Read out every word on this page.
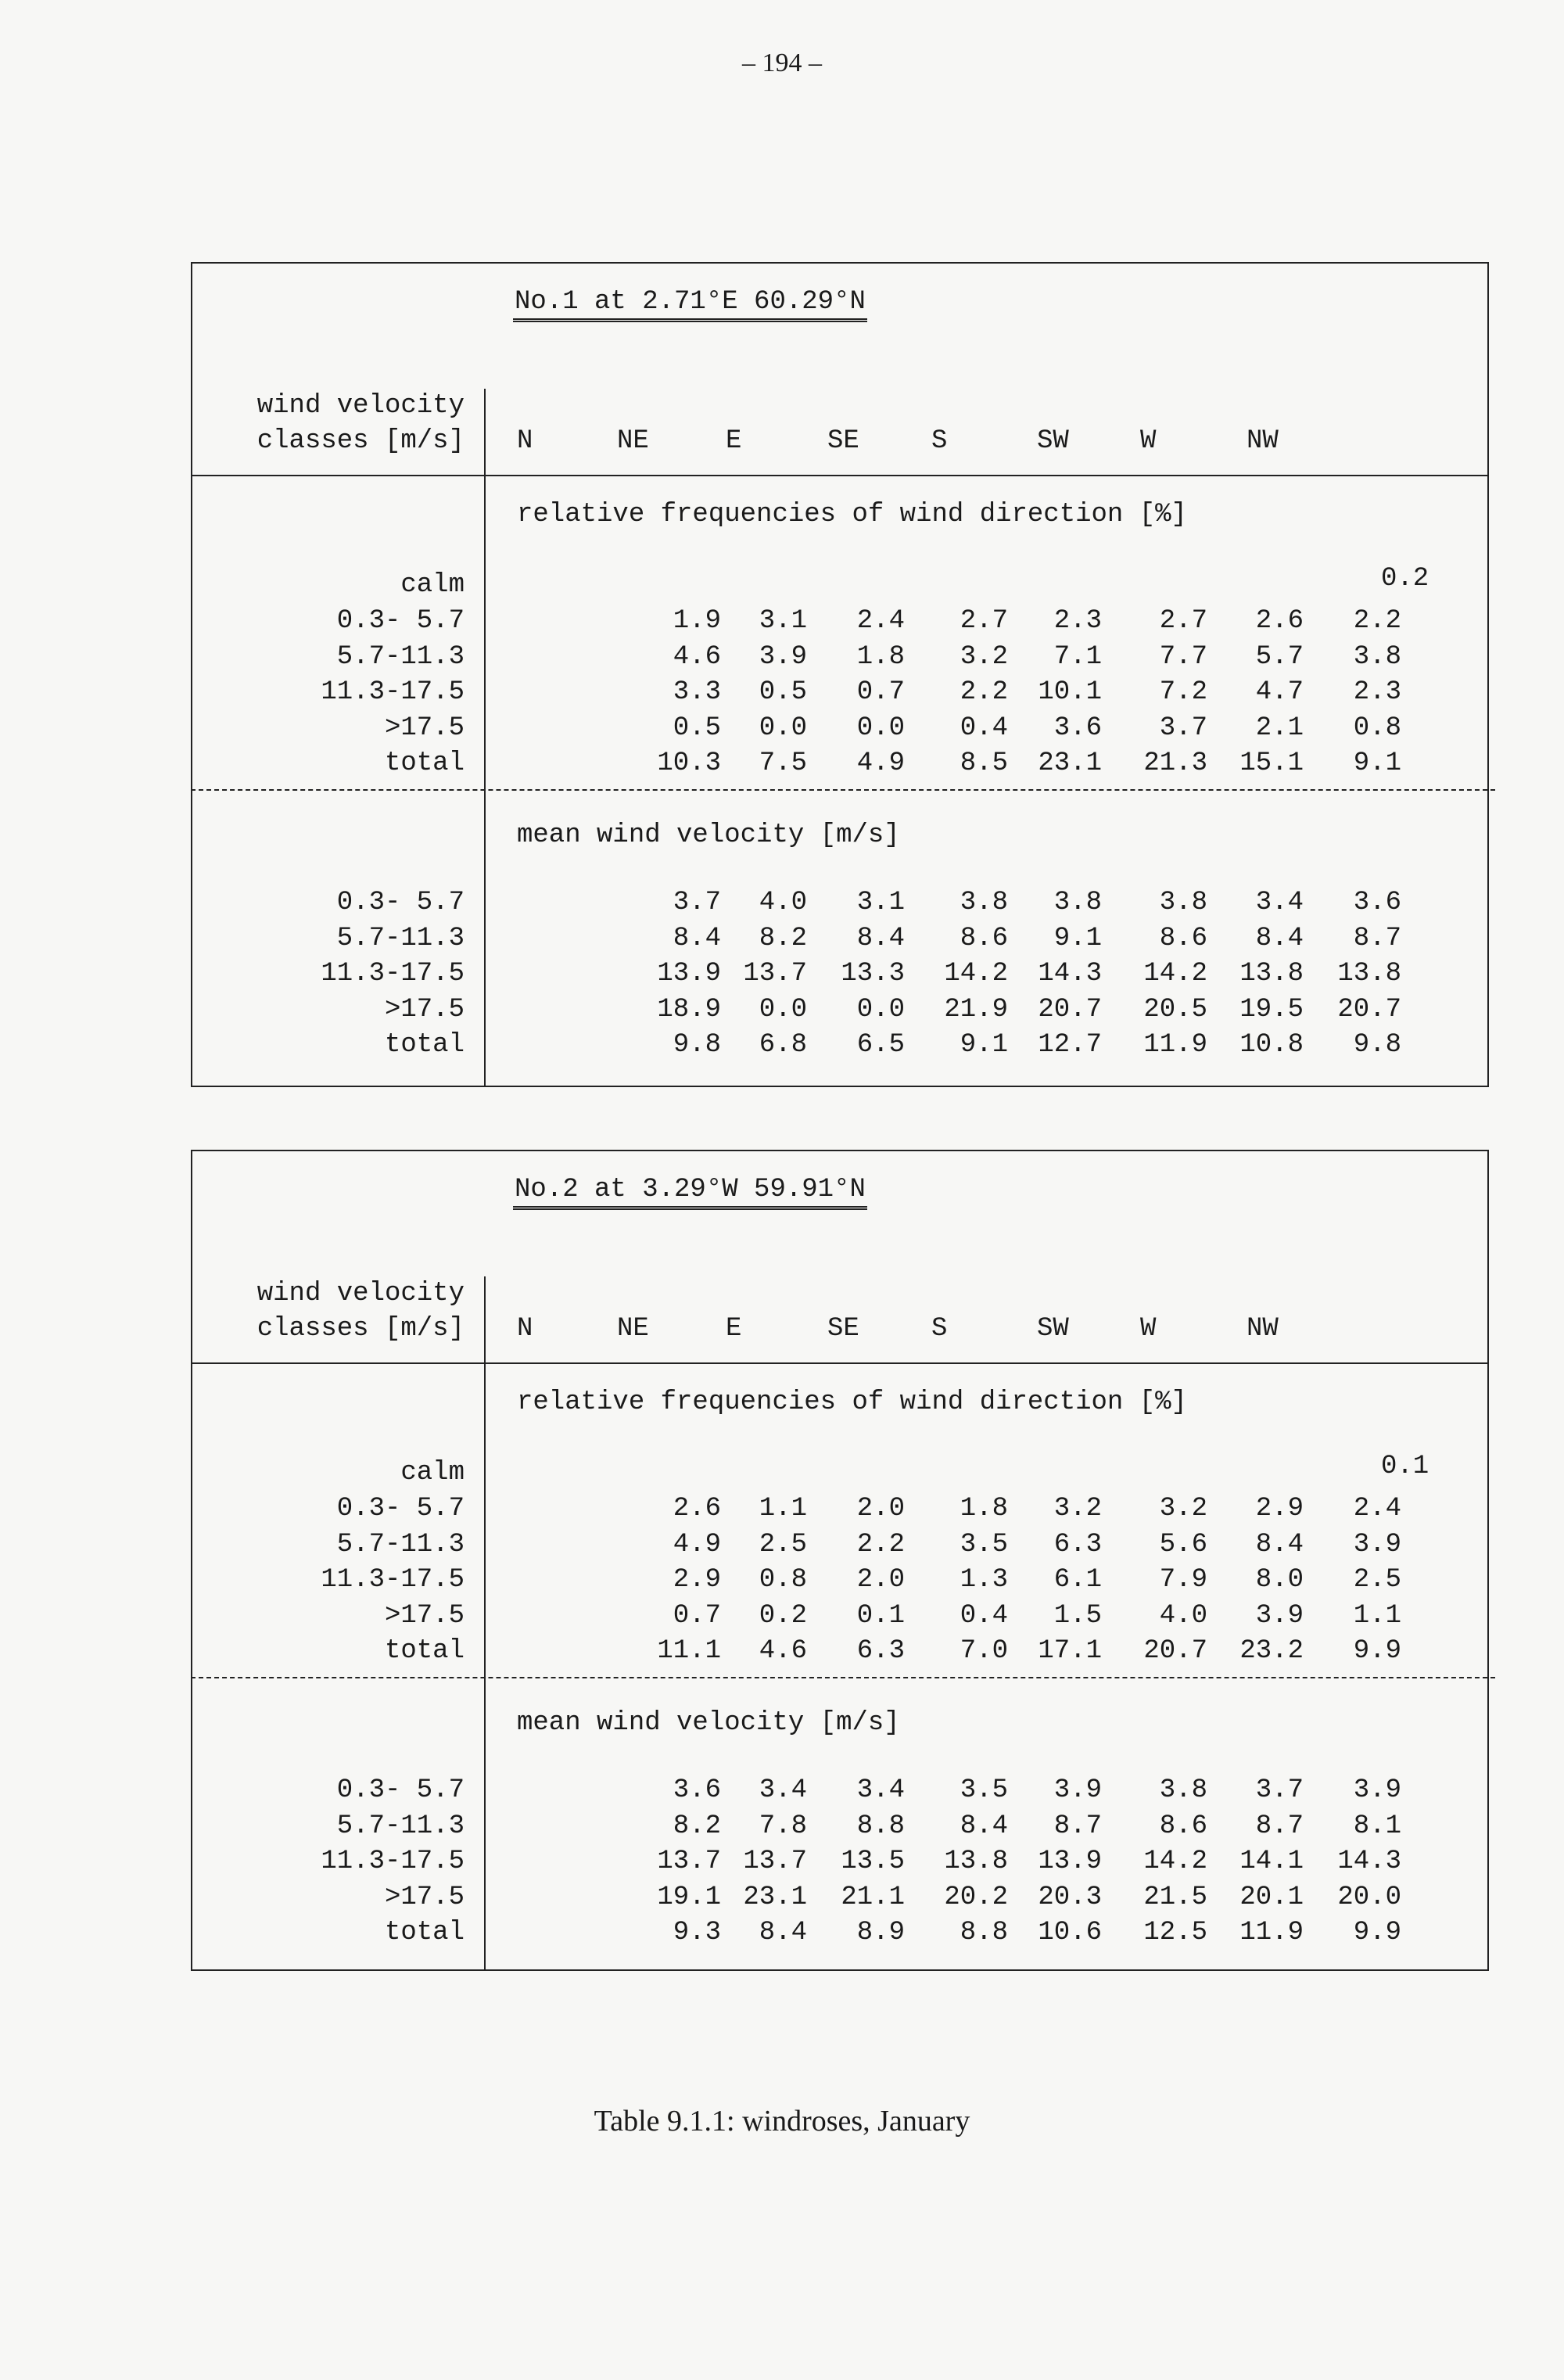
– 194 –
No.1 at 2.71°E 60.29°N
wind velocity
classes [m/s] N	NE	E	SE	S	SW	W	NW
relative frequencies of wind direction [%]
calm	0.2
0.3- 5.7	1.9 3.1 2.4 2.7 2.3 2.7 2.6 2.2
5.7-11.3	4.6 3.9 1.8 3.2 7.1 7.7 5.7 3.8
11.3-17.5	3.3 0.5 0.7 2.2 10.1 7.2 4.7 2.3
>17.5	0.5 0.0 0.0 0.4 3.6 3.7 2.1 0.8
total	10.3 7.5 4.9 8.5 23.1 21.3 15.1 9.1
mean wind velocity [m/s]
0.3- 5.7	3.7 4.0 3.1 3.8 3.8 3.8 3.4 3.6
5.7-11.3	8.4 8.2 8.4 8.6 9.1 8.6 8.4 8.7
11.3-17.5	13.9 13.7 13.3 14.2 14.3 14.2 13.8 13.8
>17.5	18.9 0.0 0.0 21.9 20.7 20.5 19.5 20.7
total	9.8 6.8 6.5 9.1 12.7 11.9 10.8 9.8
No.2 at 3.29°W 59.91°N
wind velocity
classes [m/s] N	NE	E	SE	S	SW	W	NW
relative frequencies of wind direction [%]
calm	0.1
0.3- 5.7	2.6 1.1 2.0 1.8 3.2 3.2 2.9 2.4
5.7-11.3	4.9 2.5 2.2 3.5 6.3 5.6 8.4 3.9
11.3-17.5	2.9 0.8 2.0 1.3 6.1 7.9 8.0 2.5
>17.5	0.7 0.2 0.1 0.4 1.5 4.0 3.9 1.1
total	11.1 4.6 6.3 7.0 17.1 20.7 23.2 9.9
mean wind velocity [m/s]
0.3- 5.7	3.6 3.4 3.4 3.5 3.9 3.8 3.7 3.9
5.7-11.3	8.2 7.8 8.8 8.4 8.7 8.6 8.7 8.1
11.3-17.5	13.7 13.7 13.5 13.8 13.9 14.2 14.1 14.3
>17.5	19.1 23.1 21.1 20.2 20.3 21.5 20.1 20.0
total	9.3 8.4 8.9 8.8 10.6 12.5 11.9 9.9
Table 9.1.1: windroses, January
